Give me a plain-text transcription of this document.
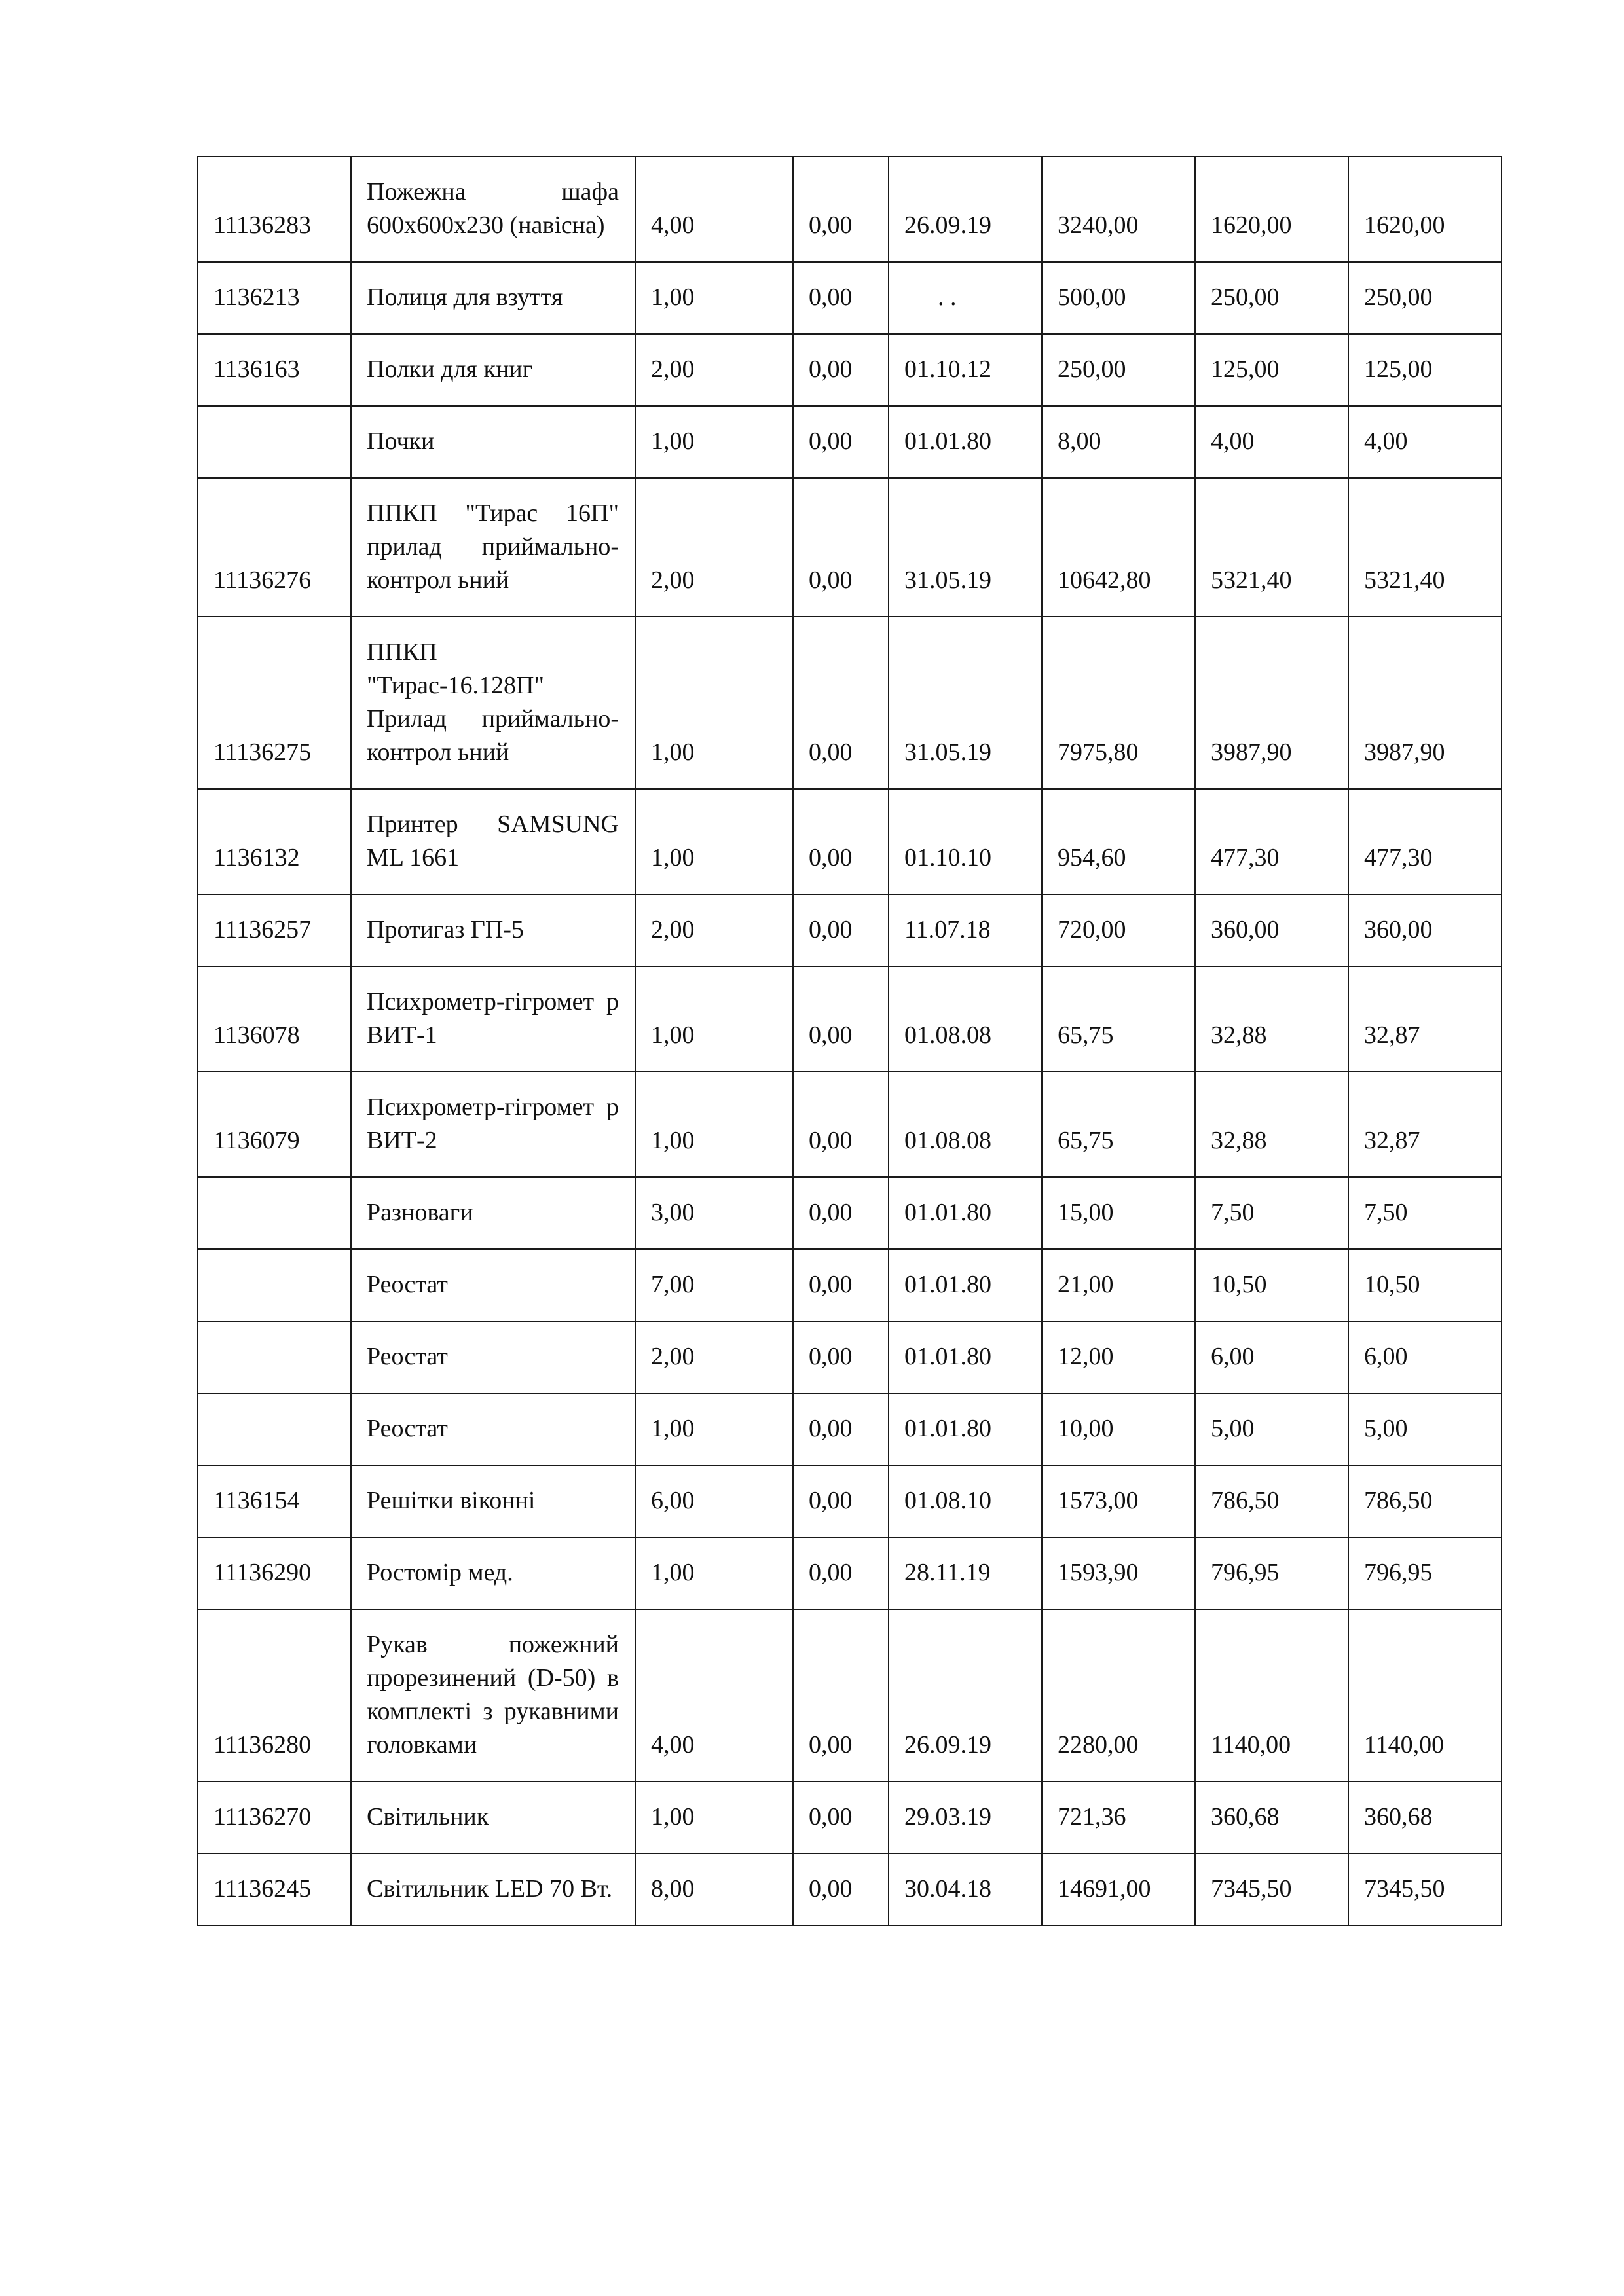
11136283	Пожежна шафа 600х600х230 (навісна)	4,00	0,00	26.09.19	3240,00	1620,00	1620,00
1136213	Полиця для взуття	1,00	0,00	. .	500,00	250,00	250,00
1136163	Полки для книг	2,00	0,00	01.10.12	250,00	125,00	125,00
	Почки	1,00	0,00	01.01.80	8,00	4,00	4,00
11136276	ППКП "Тирас 16П" прилад приймально-контрол ьний	2,00	0,00	31.05.19	10642,80	5321,40	5321,40
11136275	ППКП "Тирас-16.128П" Прилад приймально-контрол ьний	1,00	0,00	31.05.19	7975,80	3987,90	3987,90
1136132	Принтер SAMSUNG ML 1661	1,00	0,00	01.10.10	954,60	477,30	477,30
11136257	Протигаз ГП-5	2,00	0,00	11.07.18	720,00	360,00	360,00
1136078	Психрометр-гігромет р ВИТ-1	1,00	0,00	01.08.08	65,75	32,88	32,87
1136079	Психрометр-гігромет р ВИТ-2	1,00	0,00	01.08.08	65,75	32,88	32,87
	Разноваги	3,00	0,00	01.01.80	15,00	7,50	7,50
	Реостат	7,00	0,00	01.01.80	21,00	10,50	10,50
	Реостат	2,00	0,00	01.01.80	12,00	6,00	6,00
	Реостат	1,00	0,00	01.01.80	10,00	5,00	5,00
1136154	Решітки віконні	6,00	0,00	01.08.10	1573,00	786,50	786,50
11136290	Ростомір мед.	1,00	0,00	28.11.19	1593,90	796,95	796,95
11136280	Рукав пожежний прорезинений (D-50) в комплекті з рукавними головками	4,00	0,00	26.09.19	2280,00	1140,00	1140,00
11136270	Світильник	1,00	0,00	29.03.19	721,36	360,68	360,68
11136245	Світильник LED 70 Вт.	8,00	0,00	30.04.18	14691,00	7345,50	7345,50
